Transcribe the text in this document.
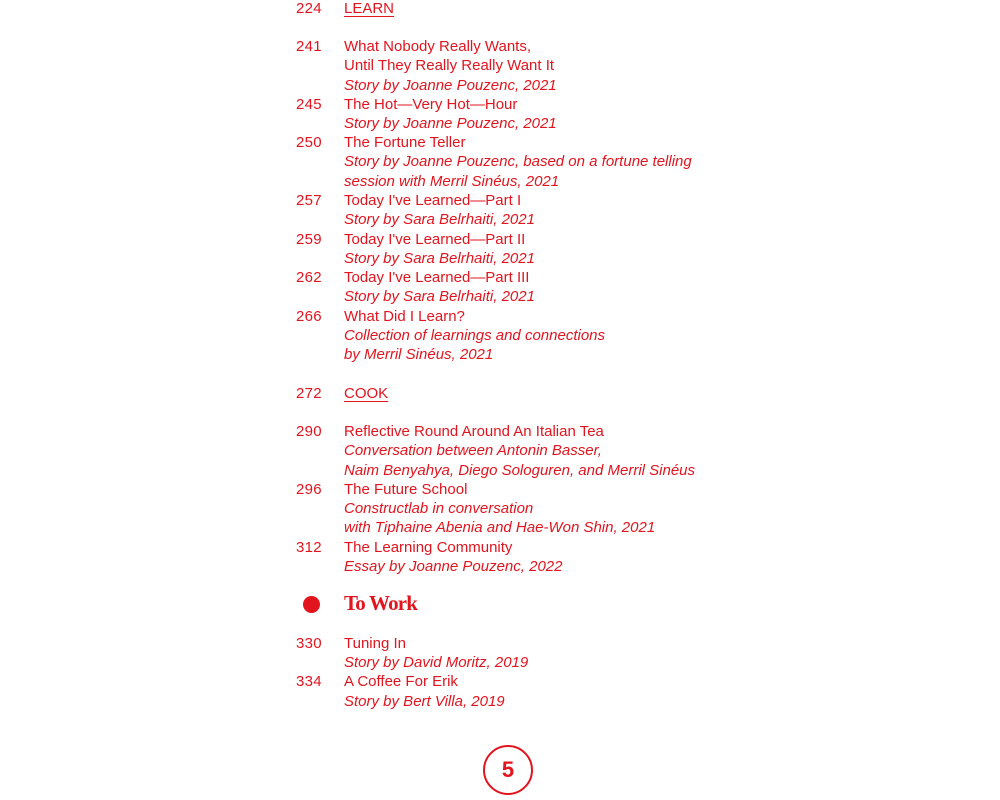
224 LEARN
241 What Nobody Really Wants,
Until They Really Really Want It
Story by Joanne Pouzenc, 2021
245 The Hot—Very Hot—Hour
Story by Joanne Pouzenc, 2021
250 The Fortune Teller
Story by Joanne Pouzenc, based on a fortune telling
session with Merril Sinéus, 2021
257 Today I've Learned—Part I
Story by Sara Belrhaiti, 2021
259 Today I've Learned—Part II
Story by Sara Belrhaiti, 2021
262 Today I've Learned—Part III
Story by Sara Belrhaiti, 2021
266 What Did I Learn?
Collection of learnings and connections
by Merril Sinéus, 2021
272 COOK
290 Reflective Round Around An Italian Tea
Conversation between Antonin Basser,
Naim Benyahya, Diego Sologuren, and Merril Sinéus
296 The Future School
Constructlab in conversation
with Tiphaine Abenia and Hae-Won Shin, 2021
312 The Learning Community
Essay by Joanne Pouzenc, 2022
To Work
330 Tuning In
Story by David Moritz, 2019
334 A Coffee For Erik
Story by Bert Villa, 2019
5
